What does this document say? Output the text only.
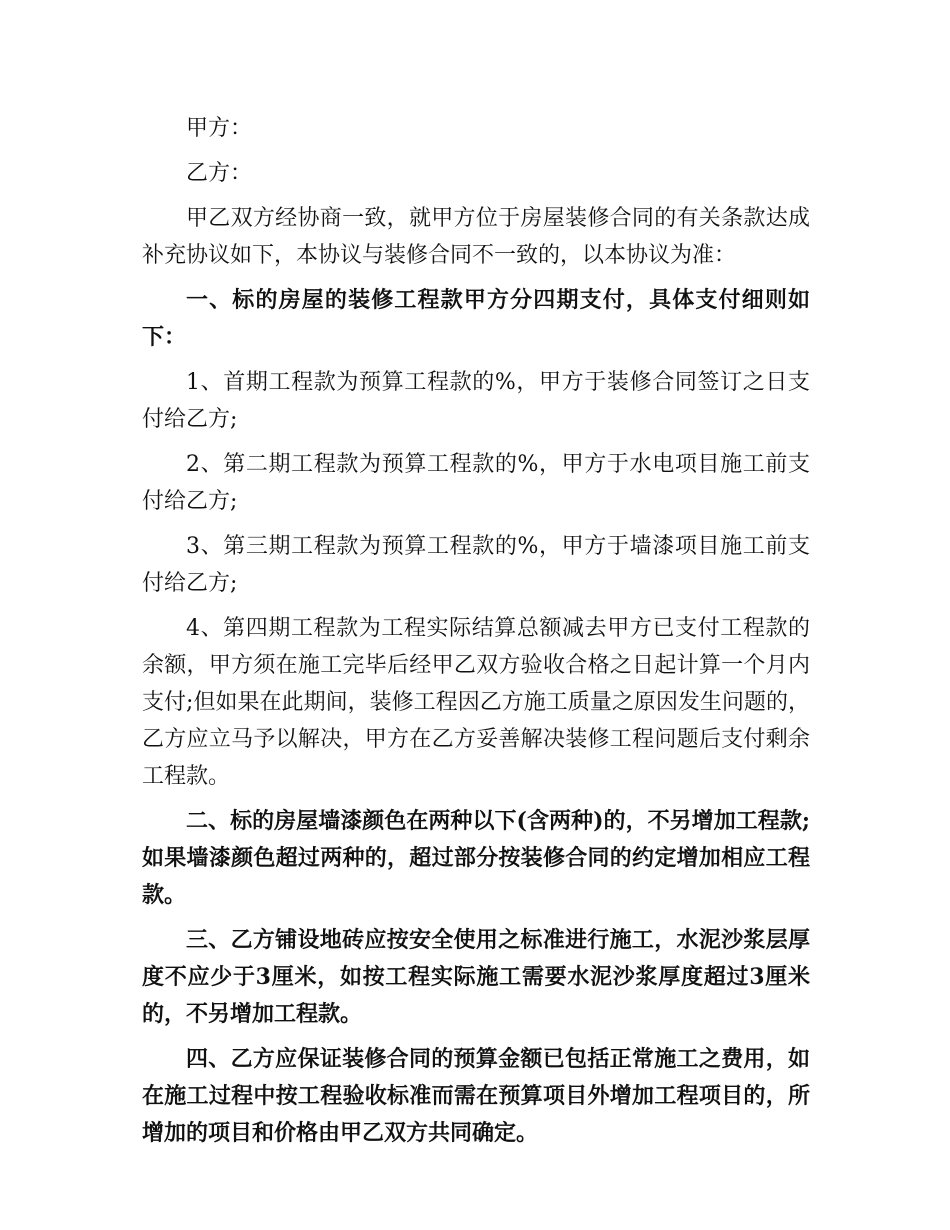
甲方：

乙方：

甲乙双方经协商一致，就甲方位于房屋装修合同的有关条款达成补充协议如下，本协议与装修合同不一致的，以本协议为准：

一、标的房屋的装修工程款甲方分四期支付，具体支付细则如下：

1、首期工程款为预算工程款的%，甲方于装修合同签订之日支付给乙方;

2、第二期工程款为预算工程款的%，甲方于水电项目施工前支付给乙方;

3、第三期工程款为预算工程款的%，甲方于墙漆项目施工前支付给乙方;

4、第四期工程款为工程实际结算总额减去甲方已支付工程款的余额，甲方须在施工完毕后经甲乙双方验收合格之日起计算一个月内支付;但如果在此期间，装修工程因乙方施工质量之原因发生问题的，乙方应立马予以解决，甲方在乙方妥善解决装修工程问题后支付剩余工程款。

二、标的房屋墙漆颜色在两种以下(含两种)的，不另增加工程款;如果墙漆颜色超过两种的，超过部分按装修合同的约定增加相应工程款。

三、乙方铺设地砖应按安全使用之标准进行施工，水泥沙浆层厚度不应少于3厘米，如按工程实际施工需要水泥沙浆厚度超过3厘米的，不另增加工程款。

四、乙方应保证装修合同的预算金额已包括正常施工之费用，如在施工过程中按工程验收标准而需在预算项目外增加工程项目的，所增加的项目和价格由甲乙双方共同确定。
